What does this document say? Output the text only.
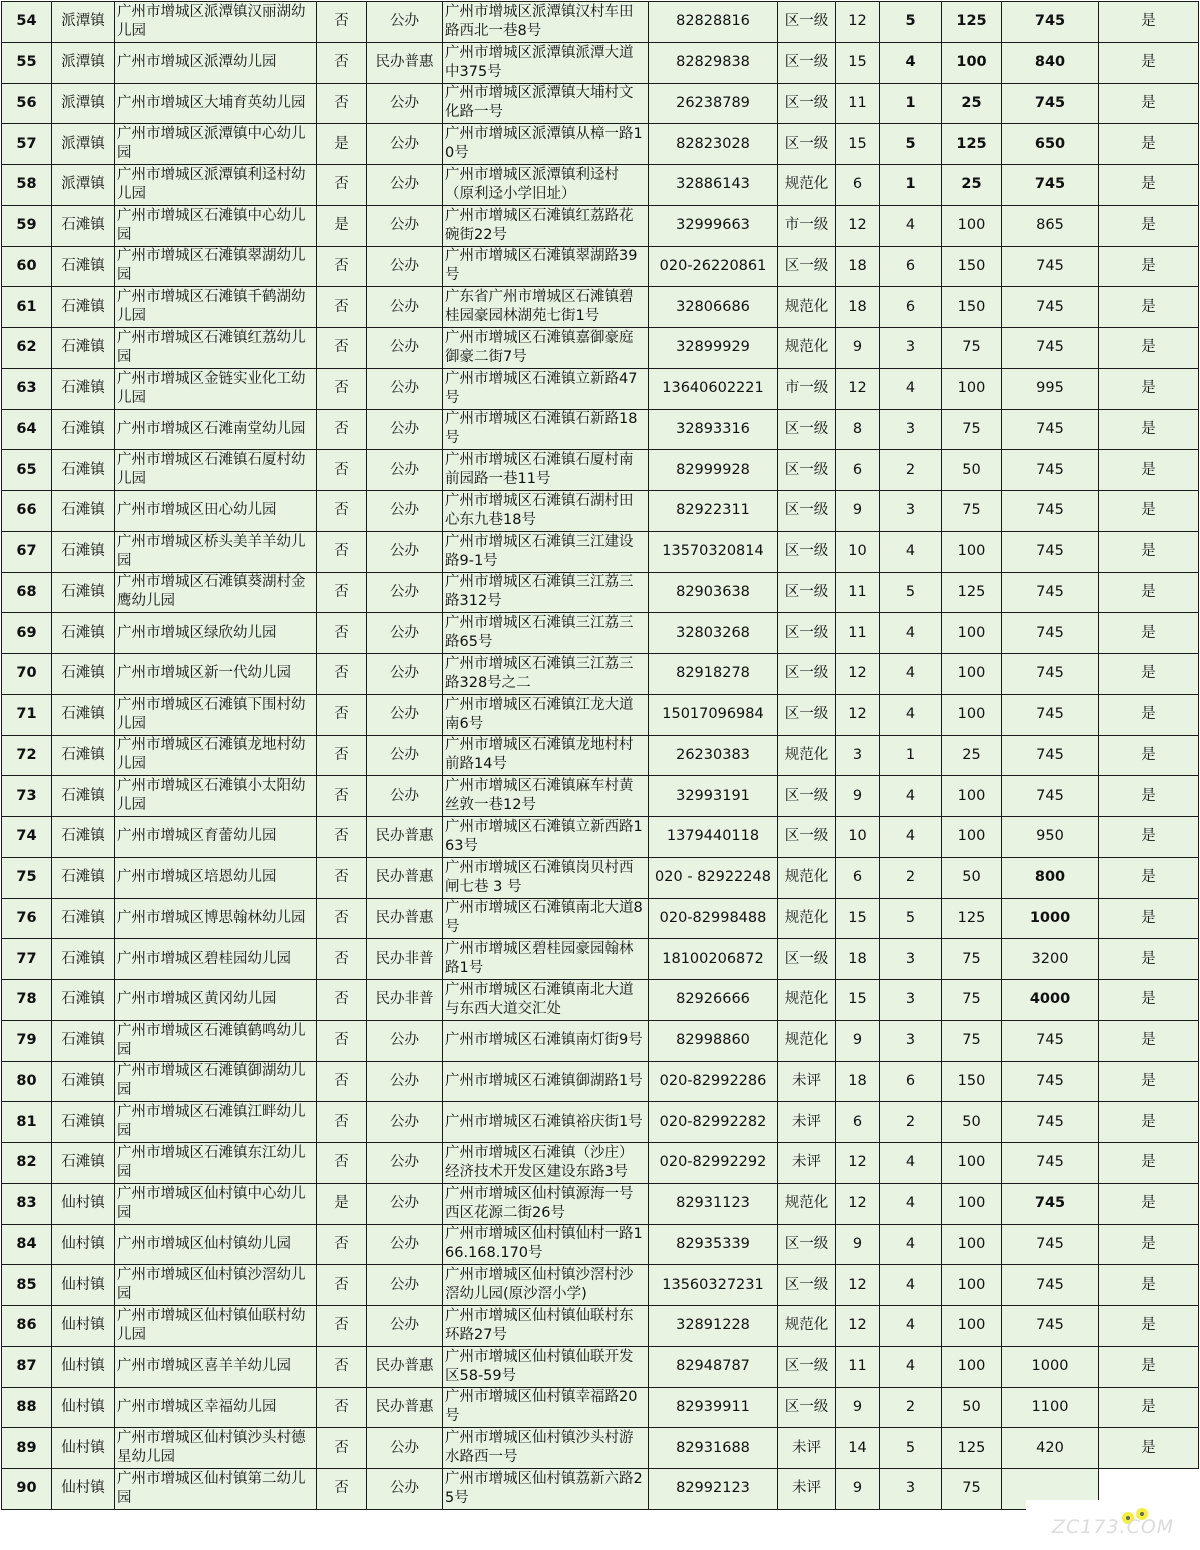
54	派潭镇	广州市增城区派潭镇汉丽湖幼儿园	否	公办	广州市增城区派潭镇汉村车田路西北一巷8号	82828816	区一级	12	5	125	745	是
55	派潭镇	广州市增城区派潭幼儿园	否	民办普惠	广州市增城区派潭镇派潭大道中375号	82829838	区一级	15	4	100	840	是
56	派潭镇	广州市增城区大埔育英幼儿园	否	公办	广州市增城区派潭镇大埔村文化路一号	26238789	区一级	11	1	25	745	是
57	派潭镇	广州市增城区派潭镇中心幼儿园	是	公办	广州市增城区派潭镇从樟一路10号	82823028	区一级	15	5	125	650	是
58	派潭镇	广州市增城区派潭镇利迳村幼儿园	否	公办	广州市增城区派潭镇利迳村（原利迳小学旧址）	32886143	规范化	6	1	25	745	是
59	石滩镇	广州市增城区石滩镇中心幼儿园	是	公办	广州市增城区石滩镇红荔路花碗街22号	32999663	市一级	12	4	100	865	是
60	石滩镇	广州市增城区石滩镇翠湖幼儿园	否	公办	广州市增城区石滩镇翠湖路39号	020-26220861	区一级	18	6	150	745	是
61	石滩镇	广州市增城区石滩镇千鹤湖幼儿园	否	公办	广东省广州市增城区石滩镇碧桂园豪园林湖苑七街1号	32806686	规范化	18	6	150	745	是
62	石滩镇	广州市增城区石滩镇红荔幼儿园	否	公办	广州市增城区石滩镇嘉御豪庭御豪二街7号	32899929	规范化	9	3	75	745	是
63	石滩镇	广州市增城区金链实业化工幼儿园	否	公办	广州市增城区石滩镇立新路47号	13640602221	市一级	12	4	100	995	是
64	石滩镇	广州市增城区石滩南堂幼儿园	否	公办	广州市增城区石滩镇石新路18号	32893316	区一级	8	3	75	745	是
65	石滩镇	广州市增城区石滩镇石厦村幼儿园	否	公办	广州市增城区石滩镇石厦村南前园路一巷11号	82999928	区一级	6	2	50	745	是
66	石滩镇	广州市增城区田心幼儿园	否	公办	广州市增城区石滩镇石湖村田心东九巷18号	82922311	区一级	9	3	75	745	是
67	石滩镇	广州市增城区桥头美羊羊幼儿园	否	公办	广州市增城区石滩镇三江建设路9-1号	13570320814	区一级	10	4	100	745	是
68	石滩镇	广州市增城区石滩镇葵湖村金鹰幼儿园	否	公办	广州市增城区石滩镇三江荔三路312号	82903638	区一级	11	5	125	745	是
69	石滩镇	广州市增城区绿欣幼儿园	否	公办	广州市增城区石滩镇三江荔三路65号	32803268	区一级	11	4	100	745	是
70	石滩镇	广州市增城区新一代幼儿园	否	公办	广州市增城区石滩镇三江荔三路328号之二	82918278	区一级	12	4	100	745	是
71	石滩镇	广州市增城区石滩镇下围村幼儿园	否	公办	广州市增城区石滩镇江龙大道南6号	15017096984	区一级	12	4	100	745	是
72	石滩镇	广州市增城区石滩镇龙地村幼儿园	否	公办	广州市增城区石滩镇龙地村村前路14号	26230383	规范化	3	1	25	745	是
73	石滩镇	广州市增城区石滩镇小太阳幼儿园	否	公办	广州市增城区石滩镇麻车村黄丝敦一巷12号	32993191	区一级	9	4	100	745	是
74	石滩镇	广州市增城区育蕾幼儿园	否	民办普惠	广州市增城区石滩镇立新西路163号	1379440118	区一级	10	4	100	950	是
75	石滩镇	广州市增城区培恩幼儿园	否	民办普惠	广州市增城区石滩镇岗贝村西闸七巷 3 号	020 - 82922248	规范化	6	2	50	800	是
76	石滩镇	广州市增城区博思翰林幼儿园	否	民办普惠	广州市增城区石滩镇南北大道8号	020-82998488	规范化	15	5	125	1000	是
77	石滩镇	广州市增城区碧桂园幼儿园	否	民办非普	广州市增城区碧桂园豪园翰林路1号	18100206872	区一级	18	3	75	3200	是
78	石滩镇	广州市增城区黄冈幼儿园	否	民办非普	广州市增城区石滩镇南北大道与东西大道交汇处	82926666	规范化	15	3	75	4000	是
79	石滩镇	广州市增城区石滩镇鹤鸣幼儿园	否	公办	广州市增城区石滩镇南灯街9号	82998860	规范化	9	3	75	745	是
80	石滩镇	广州市增城区石滩镇御湖幼儿园	否	公办	广州市增城区石滩镇御湖路1号	020-82992286	未评	18	6	150	745	是
81	石滩镇	广州市增城区石滩镇江畔幼儿园	否	公办	广州市增城区石滩镇裕庆街1号	020-82992282	未评	6	2	50	745	是
82	石滩镇	广州市增城区石滩镇东江幼儿园	否	公办	广州市增城区石滩镇（沙庄）经济技术开发区建设东路3号	020-82992292	未评	12	4	100	745	是
83	仙村镇	广州市增城区仙村镇中心幼儿园	是	公办	广州市增城区仙村镇源海一号西区花源二街26号	82931123	规范化	12	4	100	745	是
84	仙村镇	广州市增城区仙村镇幼儿园	否	公办	广州市增城区仙村镇仙村一路166.168.170号	82935339	区一级	9	4	100	745	是
85	仙村镇	广州市增城区仙村镇沙滘幼儿园	否	公办	广州市增城区仙村镇沙滘村沙滘幼儿园(原沙滘小学)	13560327231	区一级	12	4	100	745	是
86	仙村镇	广州市增城区仙村镇仙联村幼儿园	否	公办	广州市增城区仙村镇仙联村东环路27号	32891228	规范化	12	4	100	745	是
87	仙村镇	广州市增城区喜羊羊幼儿园	否	民办普惠	广州市增城区仙村镇仙联开发区58-59号	82948787	区一级	11	4	100	1000	是
88	仙村镇	广州市增城区幸福幼儿园	否	民办普惠	广州市增城区仙村镇幸福路20号	82939911	区一级	9	2	50	1100	是
89	仙村镇	广州市增城区仙村镇沙头村德星幼儿园	否	公办	广州市增城区仙村镇沙头村游水路西一号	82931688	未评	14	5	125	420	是
90	仙村镇	广州市增城区仙村镇第二幼儿园	否	公办	广州市增城区仙村镇荔新六路25号	82992123	未评	9	3	75		
ZC173.COM
